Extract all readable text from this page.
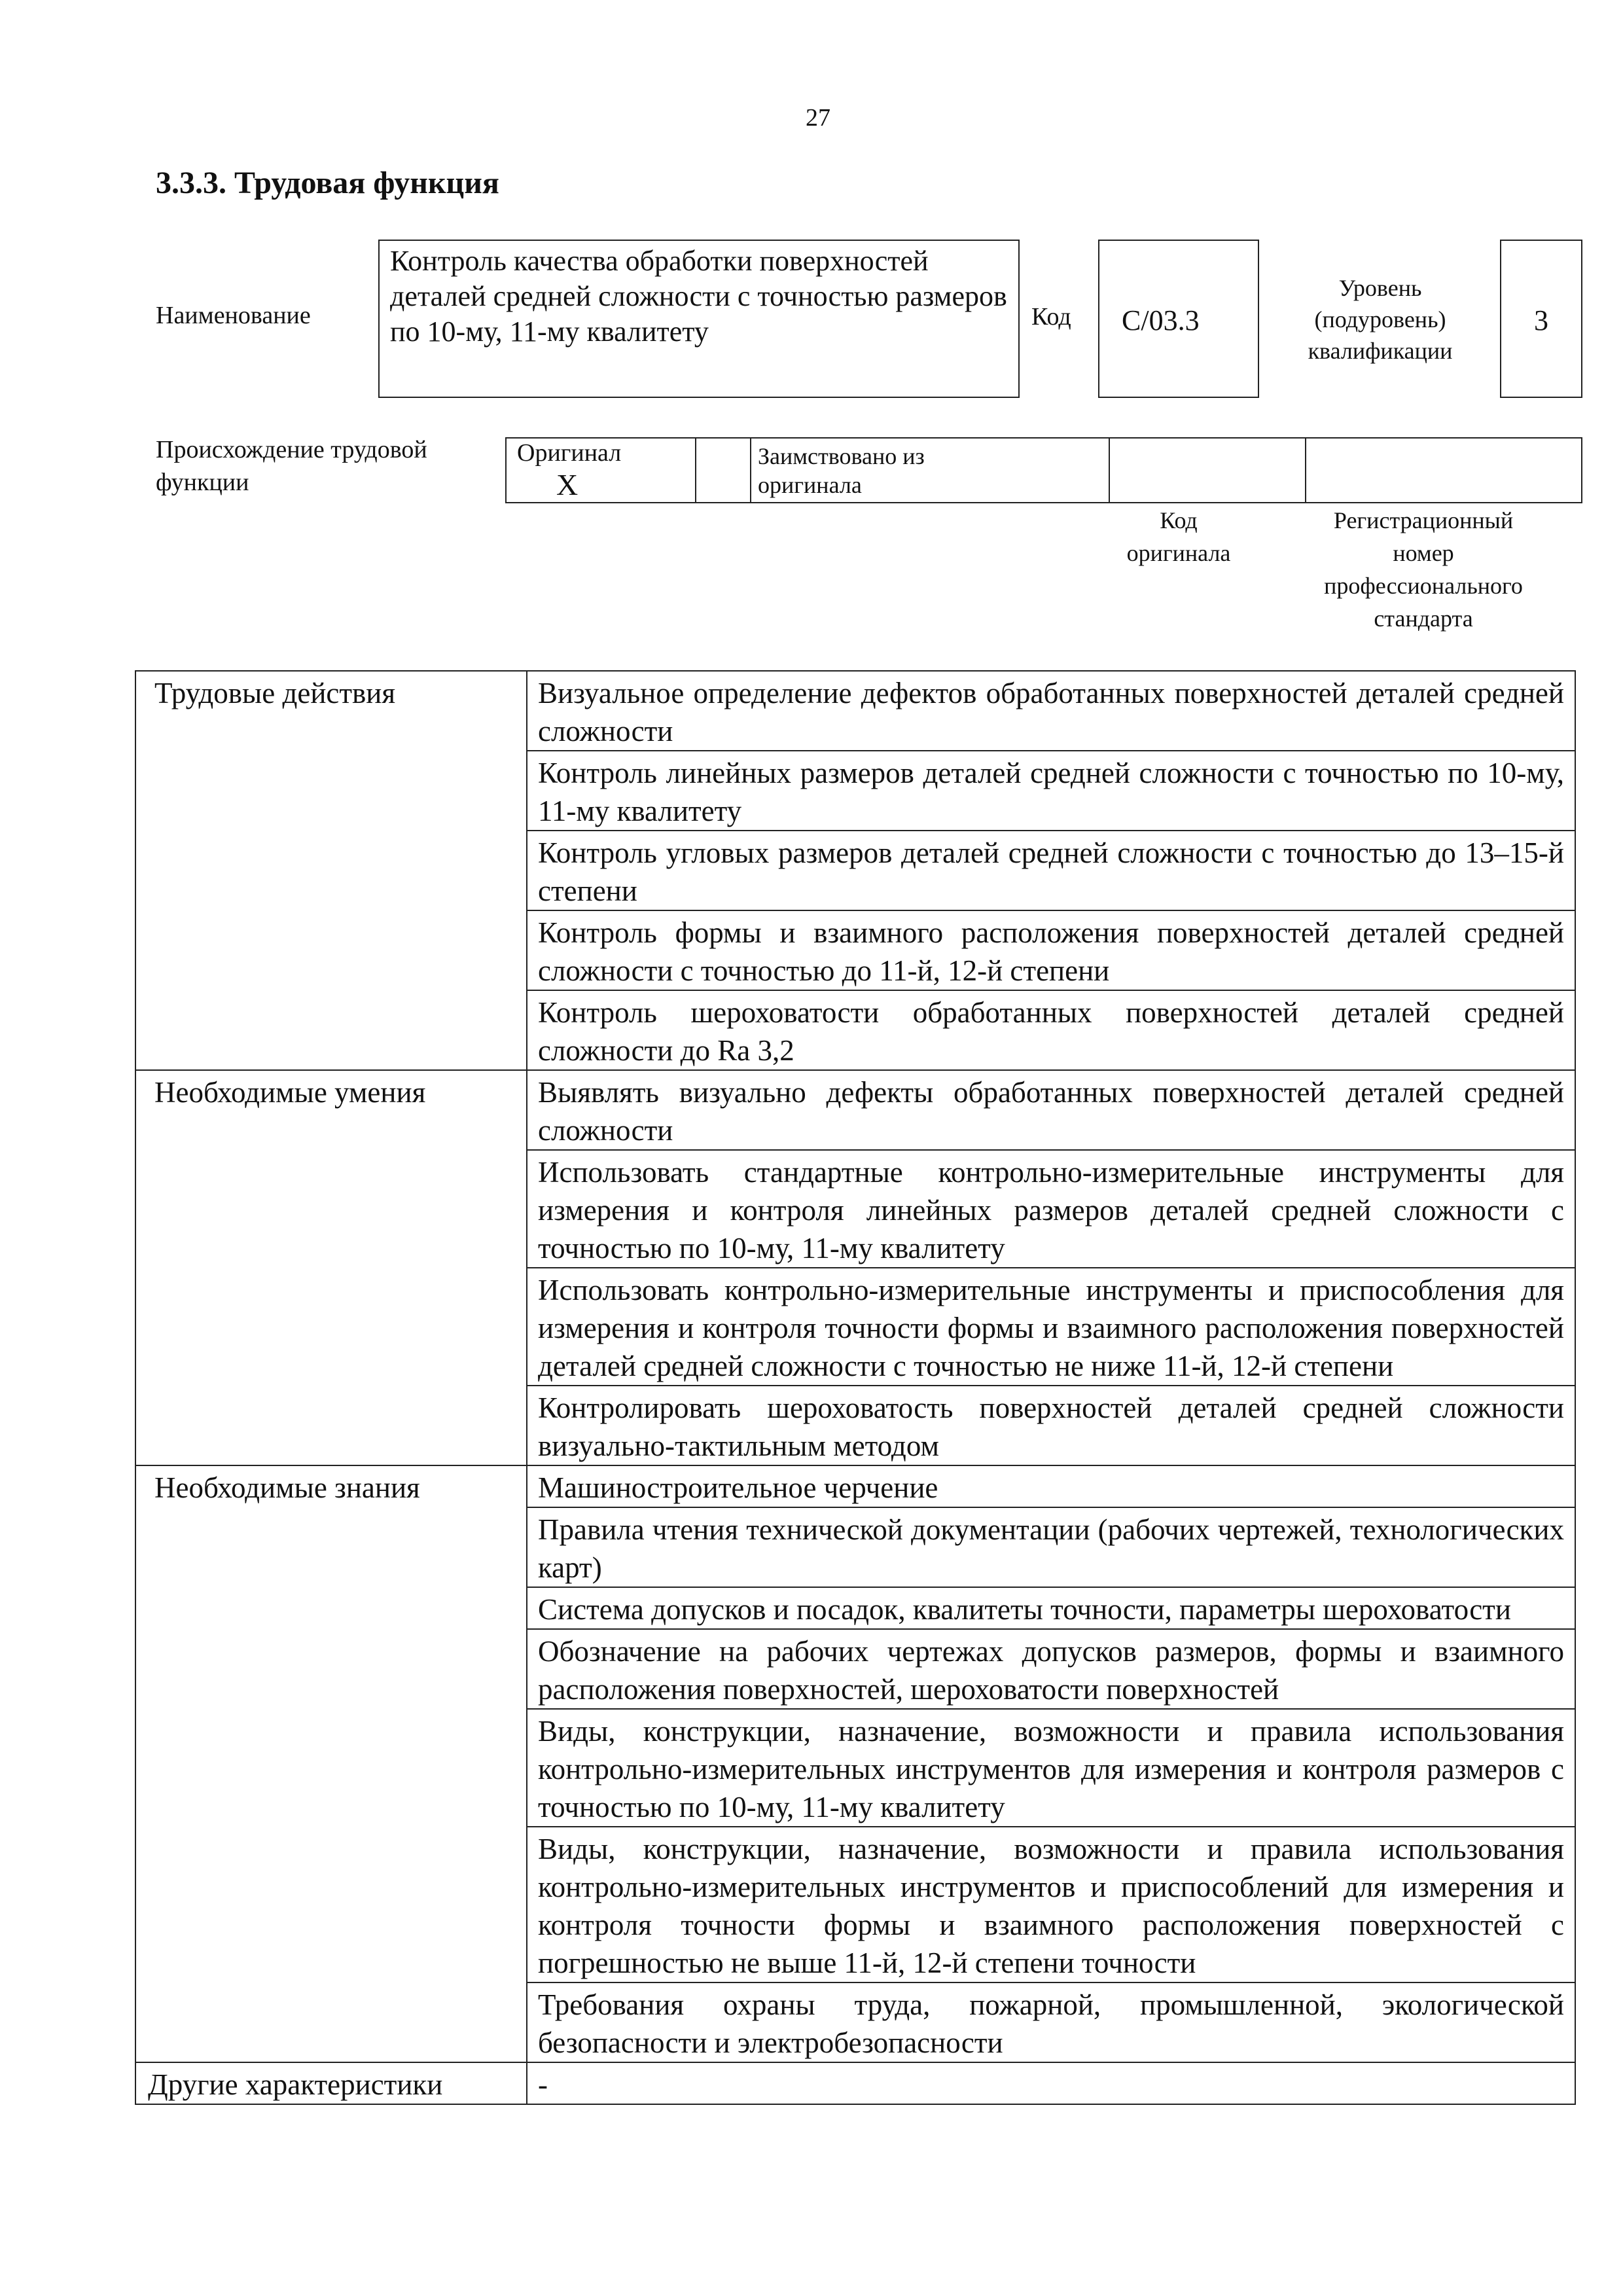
27
3.3.3. Трудовая функция
Наименование
Контроль качества обработки поверхностей деталей средней сложности с точностью размеров по 10-му, 11-му квалитету	Код	С/03.3
Уровень
(подуровень)
квалификации
3
Происхождение трудовой
функции
Оригинал X		
Заимствовано из
оригинала

Код
оригинала
Регистрационный
номер
профессионального
стандарта
Трудовые действия	Визуальное определение дефектов обработанных поверхностей деталей средней сложности
	Контроль линейных размеров деталей средней сложности с точностью по 10-му, 11-му квалитету
	Контроль угловых размеров деталей средней сложности с точностью до 13–15-й степени
	Контроль формы и взаимного расположения поверхностей деталей средней сложности с точностью до 11-й, 12-й степени
	Контроль шероховатости обработанных поверхностей деталей средней сложности до Ra 3,2
Необходимые умения	Выявлять визуально дефекты обработанных поверхностей деталей средней сложности
	Использовать стандартные контрольно-измерительные инструменты для измерения и контроля линейных размеров деталей средней сложности с точностью по 10-му, 11-му квалитету
	Использовать контрольно-измерительные инструменты и приспособления для измерения и контроля точности формы и взаимного расположения поверхностей деталей средней сложности с точностью не ниже 11-й, 12-й степени
	Контролировать шероховатость поверхностей деталей средней сложности визуально-тактильным методом
Необходимые знания	Машиностроительное черчение
	Правила чтения технической документации (рабочих чертежей, технологических карт)
	Система допусков и посадок, квалитеты точности, параметры шероховатости
	Обозначение на рабочих чертежах допусков размеров, формы и взаимного расположения поверхностей, шероховатости поверхностей
	Виды, конструкции, назначение, возможности и правила использования контрольно-измерительных инструментов для измерения и контроля размеров с точностью по 10-му, 11-му квалитету
	Виды, конструкции, назначение, возможности и правила использования контрольно-измерительных инструментов и приспособлений для измерения и контроля точности формы и взаимного расположения поверхностей с погрешностью не выше 11-й, 12-й степени точности
	Требования охраны труда, пожарной, промышленной, экологической безопасности и электробезопасности
Другие характеристики	-
